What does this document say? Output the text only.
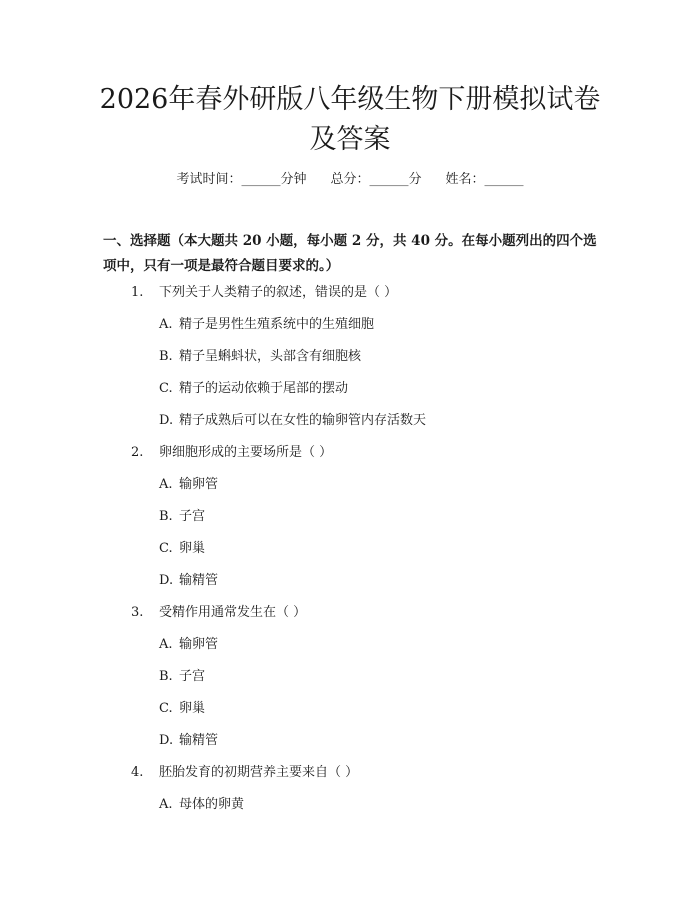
2026年春外研版八年级生物下册模拟试卷及答案
考试时间：______分钟 总分：______分 姓名：______

一、选择题（本大题共 20 小题，每小题 2 分，共 40 分。在每小题列出的四个选项中，只有一项是最符合题目要求的。）

1. 下列关于人类精子的叙述，错误的是（ ）
A. 精子是男性生殖系统中的生殖细胞
B. 精子呈蝌蚪状，头部含有细胞核
C. 精子的运动依赖于尾部的摆动
D. 精子成熟后可以在女性的输卵管内存活数天
2. 卵细胞形成的主要场所是（ ）
A. 输卵管
B. 子宫
C. 卵巢
D. 输精管
3. 受精作用通常发生在（ ）
A. 输卵管
B. 子宫
C. 卵巢
D. 输精管
4. 胚胎发育的初期营养主要来自（ ）
A. 母体的卵黄
